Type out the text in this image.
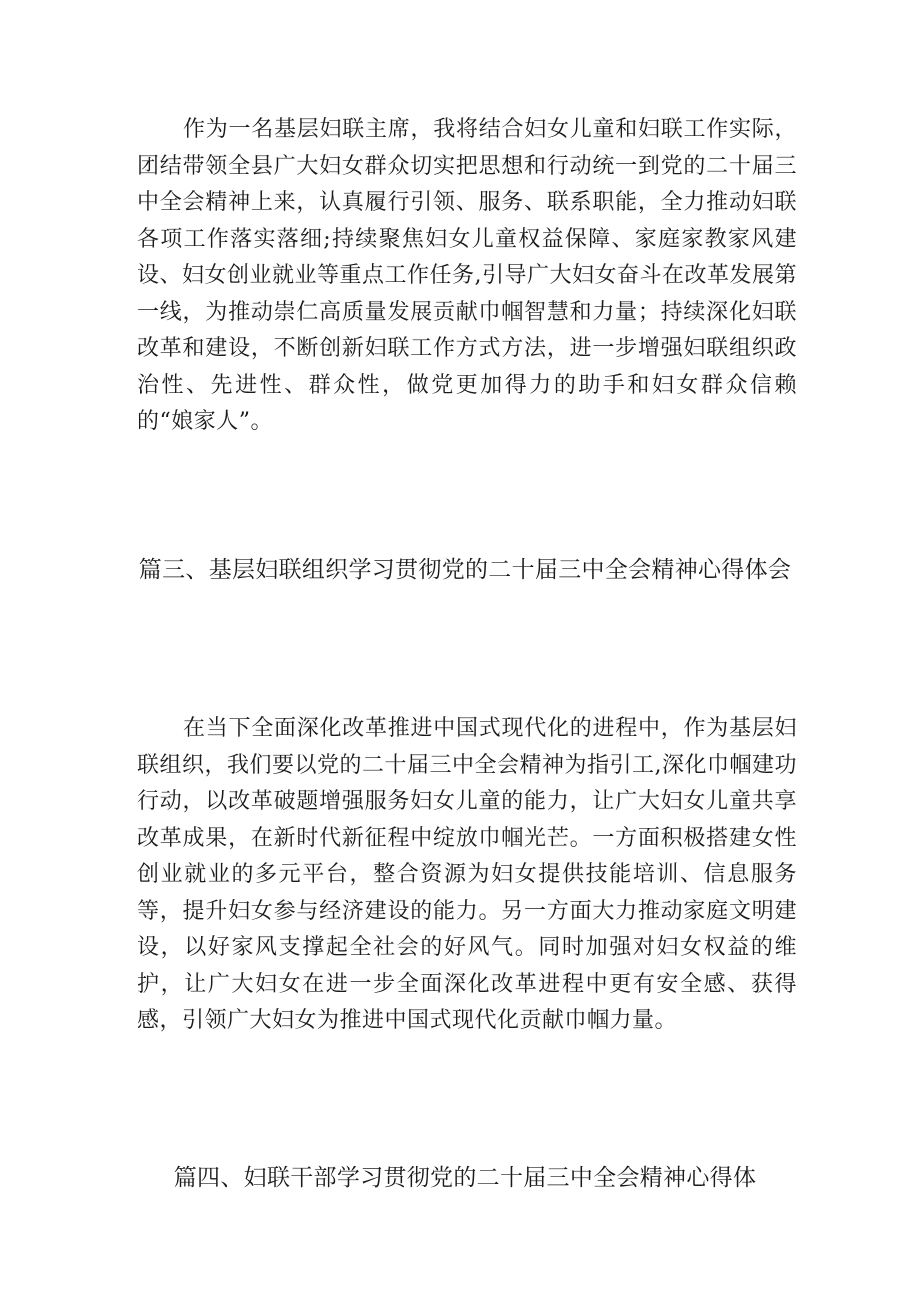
作为一名基层妇联主席，我将结合妇女儿童和妇联工作实际，团结带领全县广大妇女群众切实把思想和行动统一到党的二十届三中全会精神上来，认真履行引领、服务、联系职能，全力推动妇联各项工作落实落细;持续聚焦妇女儿童权益保障、家庭家教家风建设、妇女创业就业等重点工作任务,引导广大妇女奋斗在改革发展第一线，为推动崇仁高质量发展贡献巾帼智慧和力量；持续深化妇联改革和建设，不断创新妇联工作方式方法，进一步增强妇联组织政治性、先进性、群众性，做党更加得力的助手和妇女群众信赖的“娘家人”。

篇三、基层妇联组织学习贯彻党的二十届三中全会精神心得体会

在当下全面深化改革推进中国式现代化的进程中，作为基层妇联组织，我们要以党的二十届三中全会精神为指引工,深化巾帼建功行动，以改革破题增强服务妇女儿童的能力，让广大妇女儿童共享改革成果，在新时代新征程中绽放巾帼光芒。一方面积极搭建女性创业就业的多元平台，整合资源为妇女提供技能培训、信息服务等，提升妇女参与经济建设的能力。另一方面大力推动家庭文明建设，以好家风支撑起全社会的好风气。同时加强对妇女权益的维护，让广大妇女在进一步全面深化改革进程中更有安全感、获得感，引领广大妇女为推进中国式现代化贡献巾帼力量。

篇四、妇联干部学习贯彻党的二十届三中全会精神心得体
